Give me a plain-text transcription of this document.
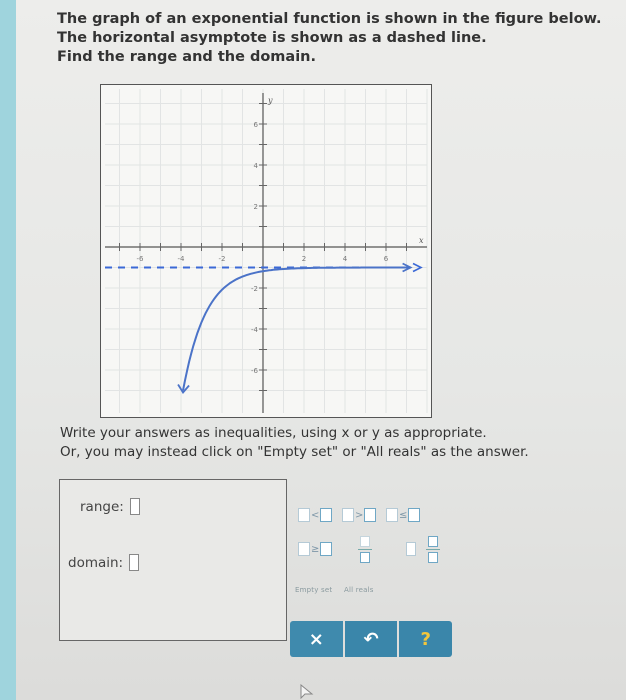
The graph of an exponential function is shown in the figure below.
The horizontal asymptote is shown as a dashed line.
Find the range and the domain.
x
y
-6	-4	-2	2	4	6
6
4
2
-2
-4
-6
Write your answers as inequalities, using x or y as appropriate.
Or, you may instead click on "Empty set" or "All reals" as the answer.
range:
domain:
<	>	≤
≥
Empty set All reals
×	↶	?
